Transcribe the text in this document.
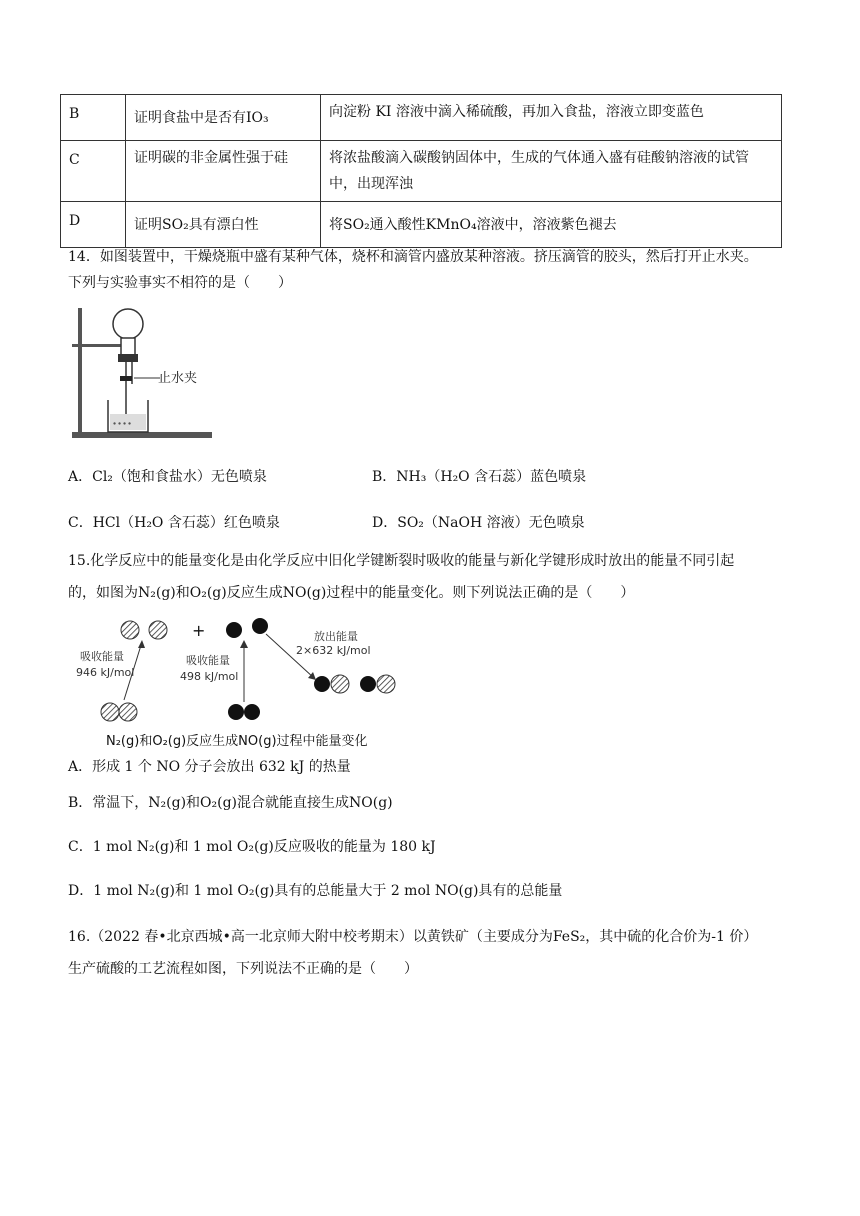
B	证明食盐中是否有IO₃	向淀粉 KI 溶液中滴入稀硫酸，再加入食盐，溶液立即变蓝色
C	证明碳的非金属性强于硅	将浓盐酸滴入碳酸钠固体中，生成的气体通入盛有硅酸钠溶液的试管中，出现浑浊
D	证明SO₂具有漂白性	将SO₂通入酸性KMnO₄溶液中，溶液紫色褪去
14．如图装置中，干燥烧瓶中盛有某种气体，烧杯和滴管内盛放某种溶液。挤压滴管的胶头，然后打开止水夹。
下列与实验事实不相符的是（　　）
∙∙∙∙
止水夹
A．Cl₂（饱和食盐水）无色喷泉	B．NH₃（H₂O 含石蕊）蓝色喷泉
C．HCl（H₂O 含石蕊）红色喷泉	D．SO₂（NaOH 溶液）无色喷泉
15.化学反应中的能量变化是由化学反应中旧化学键断裂时吸收的能量与新化学键形成时放出的能量不同引起
的，如图为N₂(g)和O₂(g)反应生成NO(g)过程中的能量变化。则下列说法正确的是（　　）
+
吸收能量
946 kJ/mol
吸收能量
498 kJ/mol
放出能量
2×632 kJ/mol
N₂(g)和O₂(g)反应生成NO(g)过程中能量变化
A．形成 1 个 NO 分子会放出 632 kJ 的热量
B．常温下，N₂(g)和O₂(g)混合就能直接生成NO(g)
C．1 mol N₂(g)和 1 mol O₂(g)反应吸收的能量为 180 kJ
D．1 mol N₂(g)和 1 mol O₂(g)具有的总能量大于 2 mol NO(g)具有的总能量
16.（2022 春•北京西城•高一北京师大附中校考期末）以黄铁矿（主要成分为FeS₂，其中硫的化合价为-1 价）
生产硫酸的工艺流程如图，下列说法不正确的是（　　）
